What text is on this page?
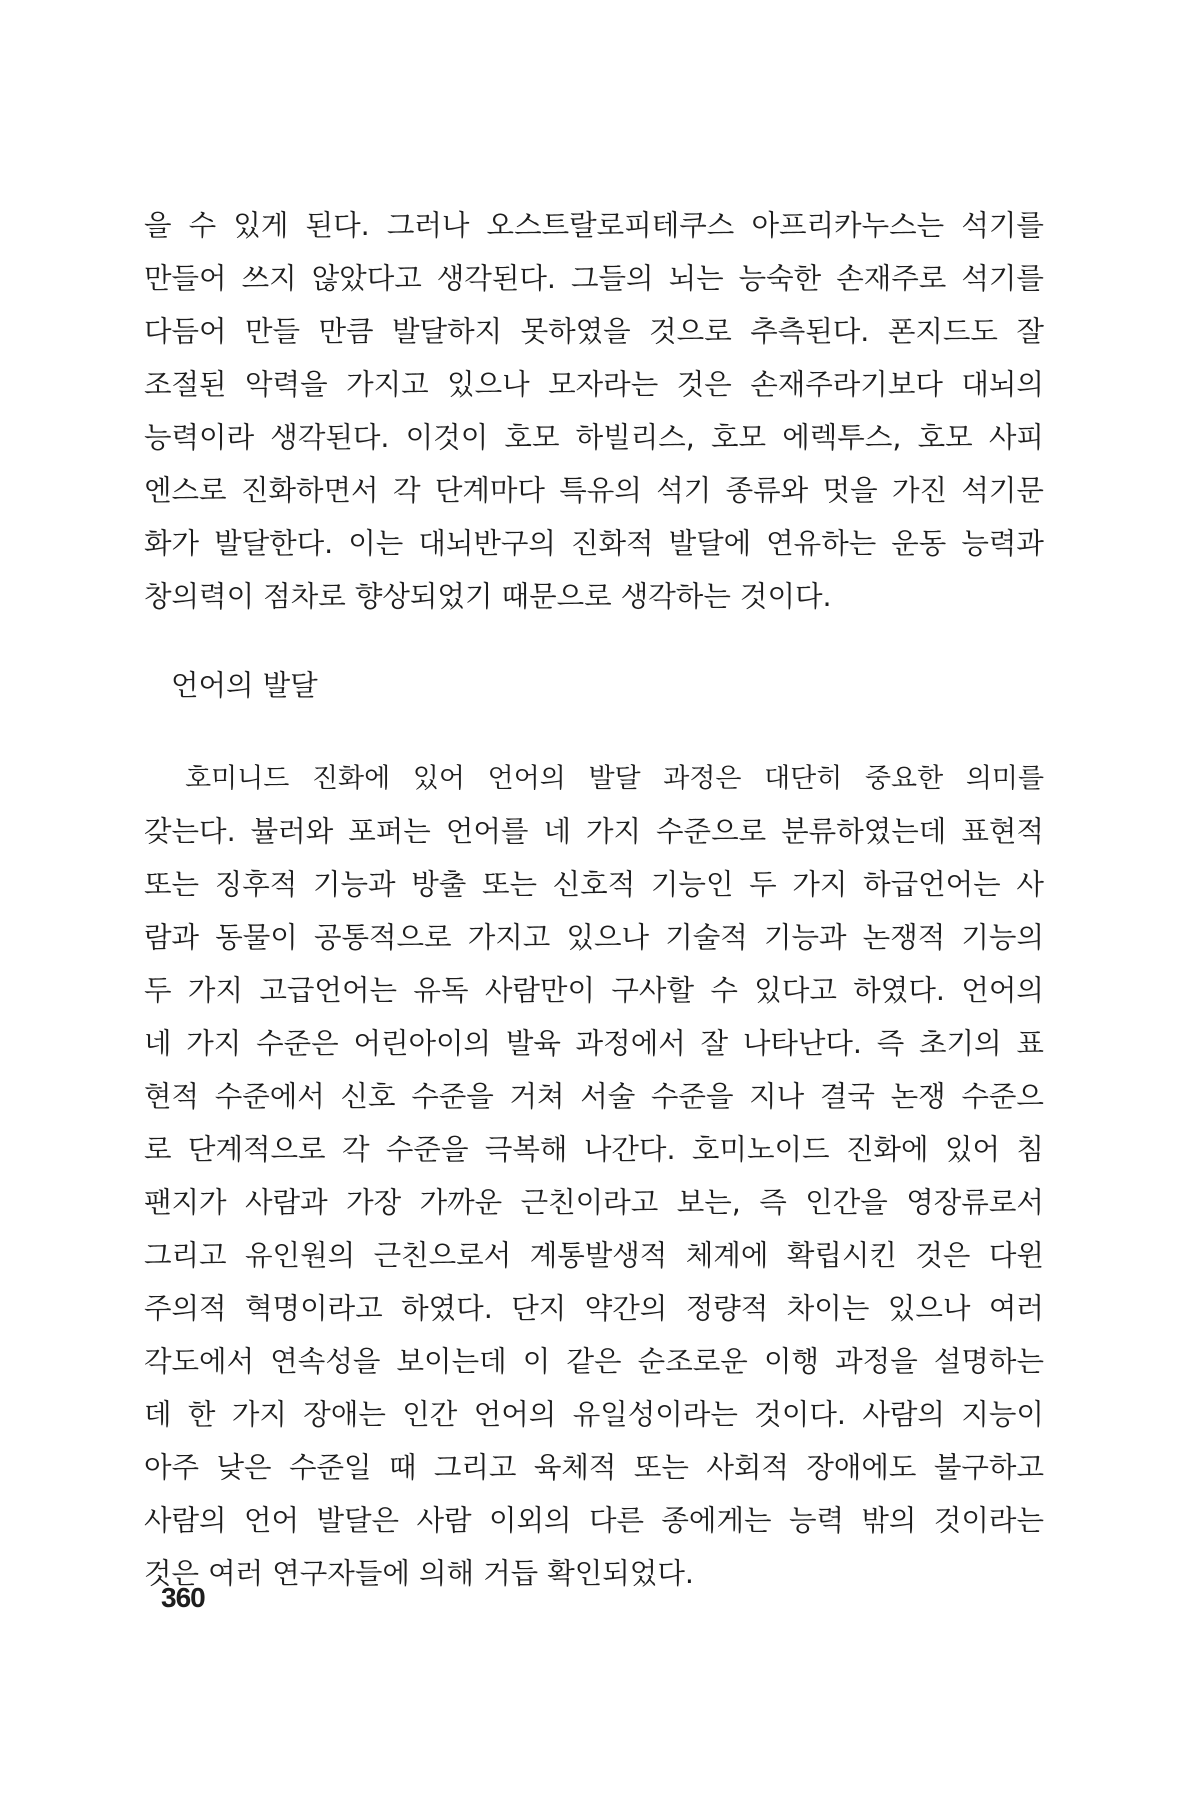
을 수 있게 된다. 그러나 오스트랄로피테쿠스 아프리카누스는 석기를
만들어 쓰지 않았다고 생각된다. 그들의 뇌는 능숙한 손재주로 석기를
다듬어 만들 만큼 발달하지 못하였을 것으로 추측된다. 폰지드도 잘
조절된 악력을 가지고 있으나 모자라는 것은 손재주라기보다 대뇌의
능력이라 생각된다. 이것이 호모 하빌리스, 호모 에렉투스, 호모 사피
엔스로 진화하면서 각 단계마다 특유의 석기 종류와 멋을 가진 석기문
화가 발달한다. 이는 대뇌반구의 진화적 발달에 연유하는 운동 능력과
창의력이 점차로 향상되었기 때문으로 생각하는 것이다.
언어의 발달
　호미니드 진화에 있어 언어의 발달 과정은 대단히 중요한 의미를
갖는다. 뷸러와 포퍼는 언어를 네 가지 수준으로 분류하였는데 표현적
또는 징후적 기능과 방출 또는 신호적 기능인 두 가지 하급언어는 사
람과 동물이 공통적으로 가지고 있으나 기술적 기능과 논쟁적 기능의
두 가지 고급언어는 유독 사람만이 구사할 수 있다고 하였다. 언어의
네 가지 수준은 어린아이의 발육 과정에서 잘 나타난다. 즉 초기의 표
현적 수준에서 신호 수준을 거쳐 서술 수준을 지나 결국 논쟁 수준으
로 단계적으로 각 수준을 극복해 나간다. 호미노이드 진화에 있어 침
팬지가 사람과 가장 가까운 근친이라고 보는, 즉 인간을 영장류로서
그리고 유인원의 근친으로서 계통발생적 체계에 확립시킨 것은 다윈
주의적 혁명이라고 하였다. 단지 약간의 정량적 차이는 있으나 여러
각도에서 연속성을 보이는데 이 같은 순조로운 이행 과정을 설명하는
데 한 가지 장애는 인간 언어의 유일성이라는 것이다. 사람의 지능이
아주 낮은 수준일 때 그리고 육체적 또는 사회적 장애에도 불구하고
사람의 언어 발달은 사람 이외의 다른 종에게는 능력 밖의 것이라는
것은 여러 연구자들에 의해 거듭 확인되었다.
360
